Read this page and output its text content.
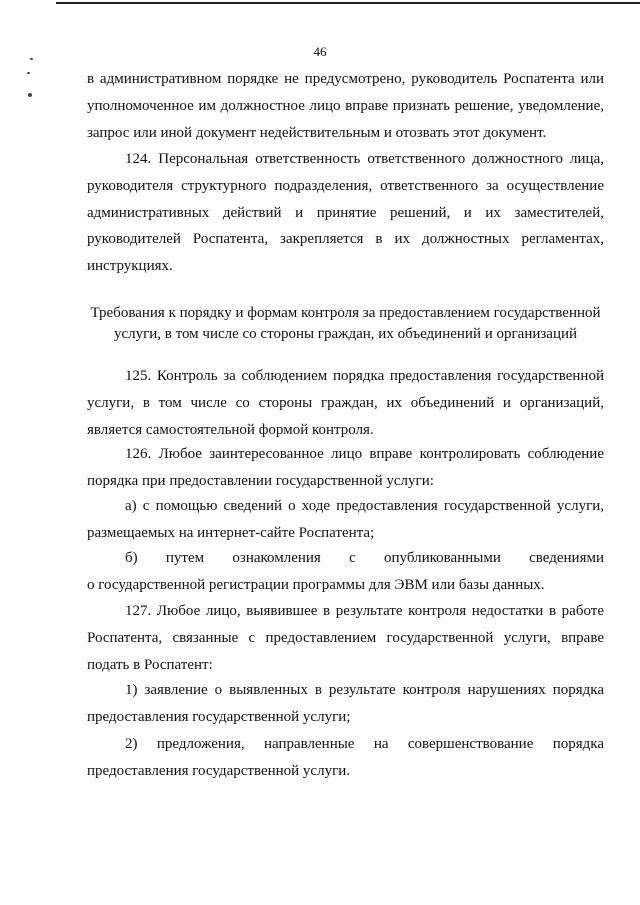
46

в административном порядке не предусмотрено, руководитель Роспатента или
уполномоченное им должностное лицо вправе признать решение, уведомление,
запрос или иной документ недействительным и отозвать этот документ.

124. Персональная ответственность ответственного должностного лица,
руководителя структурного подразделения, ответственного за осуществление
административных действий и принятие решений, и их заместителей,
руководителей Роспатента, закрепляется в их должностных регламентах,
инструкциях.

Требования к порядку и формам контроля за предоставлением государственной
услуги, в том числе со стороны граждан, их объединений и организаций

125. Контроль за соблюдением порядка предоставления государственной
услуги, в том числе со стороны граждан, их объединений и организаций,
является самостоятельной формой контроля.

126. Любое заинтересованное лицо вправе контролировать соблюдение
порядка при предоставлении государственной услуги:

а) с помощью сведений о ходе предоставления государственной услуги,
размещаемых на интернет-сайте Роспатента;

б) путем ознакомления с опубликованными сведениями
о государственной регистрации программы для ЭВМ или базы данных.

127. Любое лицо, выявившее в результате контроля недостатки в работе
Роспатента, связанные с предоставлением государственной услуги, вправе
подать в Роспатент:

1) заявление о выявленных в результате контроля нарушениях порядка
предоставления государственной услуги;

2) предложения, направленные на совершенствование порядка
предоставления государственной услуги.
